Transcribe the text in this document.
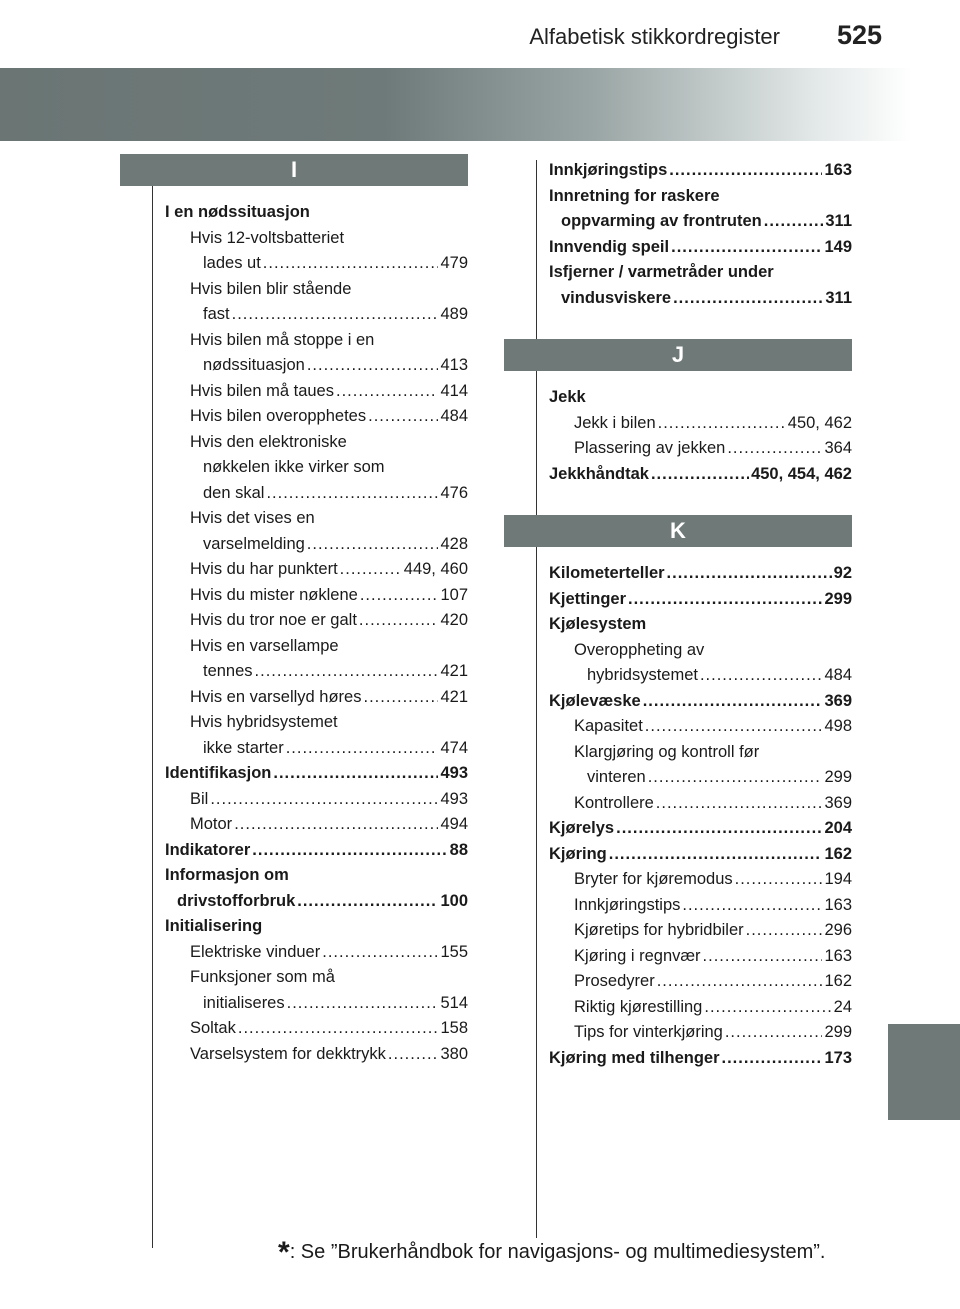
Alfabetisk stikkordregister 525
I
I en nødssituasjon
Hvis 12-voltsbatteriet
lades ut .....	479
Hvis bilen blir stående
fast .....	489
Hvis bilen må stoppe i en
nødssituasjon .....	413
Hvis bilen må taues .....	414
Hvis bilen overopphetes .....	484
Hvis den elektroniske
nøkkelen ikke virker som
den skal .....	476
Hvis det vises en
varselmelding .....	428
Hvis du har punktert .....	449, 460
Hvis du mister nøklene .....	107
Hvis du tror noe er galt .....	420
Hvis en varsellampe
tennes .....	421
Hvis en varsellyd høres .....	421
Hvis hybridsystemet
ikke starter .....	474
Identifikasjon .....	493
Bil .....	493
Motor .....	494
Indikatorer .....	88
Informasjon om
drivstofforbruk .....	100
Initialisering
Elektriske vinduer .....	155
Funksjoner som må
initialiseres .....	514
Soltak .....	158
Varselsystem for dekktrykk .....	380
Innkjøringstips .....	163
Innretning for raskere
oppvarming av frontruten .....	311
Innvendig speil .....	149
Isfjerner / varmetråder under
vindusviskere .....	311
J
Jekk
Jekk i bilen .....	450, 462
Plassering av jekken .....	364
Jekkhåndtak .....	450, 454, 462
K
Kilometerteller .....	92
Kjettinger .....	299
Kjølesystem
Overoppheting av
hybridsystemet .....	484
Kjølevæske .....	369
Kapasitet .....	498
Klargjøring og kontroll før
vinteren .....	299
Kontrollere .....	369
Kjørelys .....	204
Kjøring .....	162
Bryter for kjøremodus .....	194
Innkjøringstips .....	163
Kjøretips for hybridbiler .....	296
Kjøring i regnvær .....	163
Prosedyrer .....	162
Riktig kjørestilling .....	24
Tips for vinterkjøring .....	299
Kjøring med tilhenger .....	173
*: Se ”Brukerhåndbok for navigasjons- og multimediesystem”.
